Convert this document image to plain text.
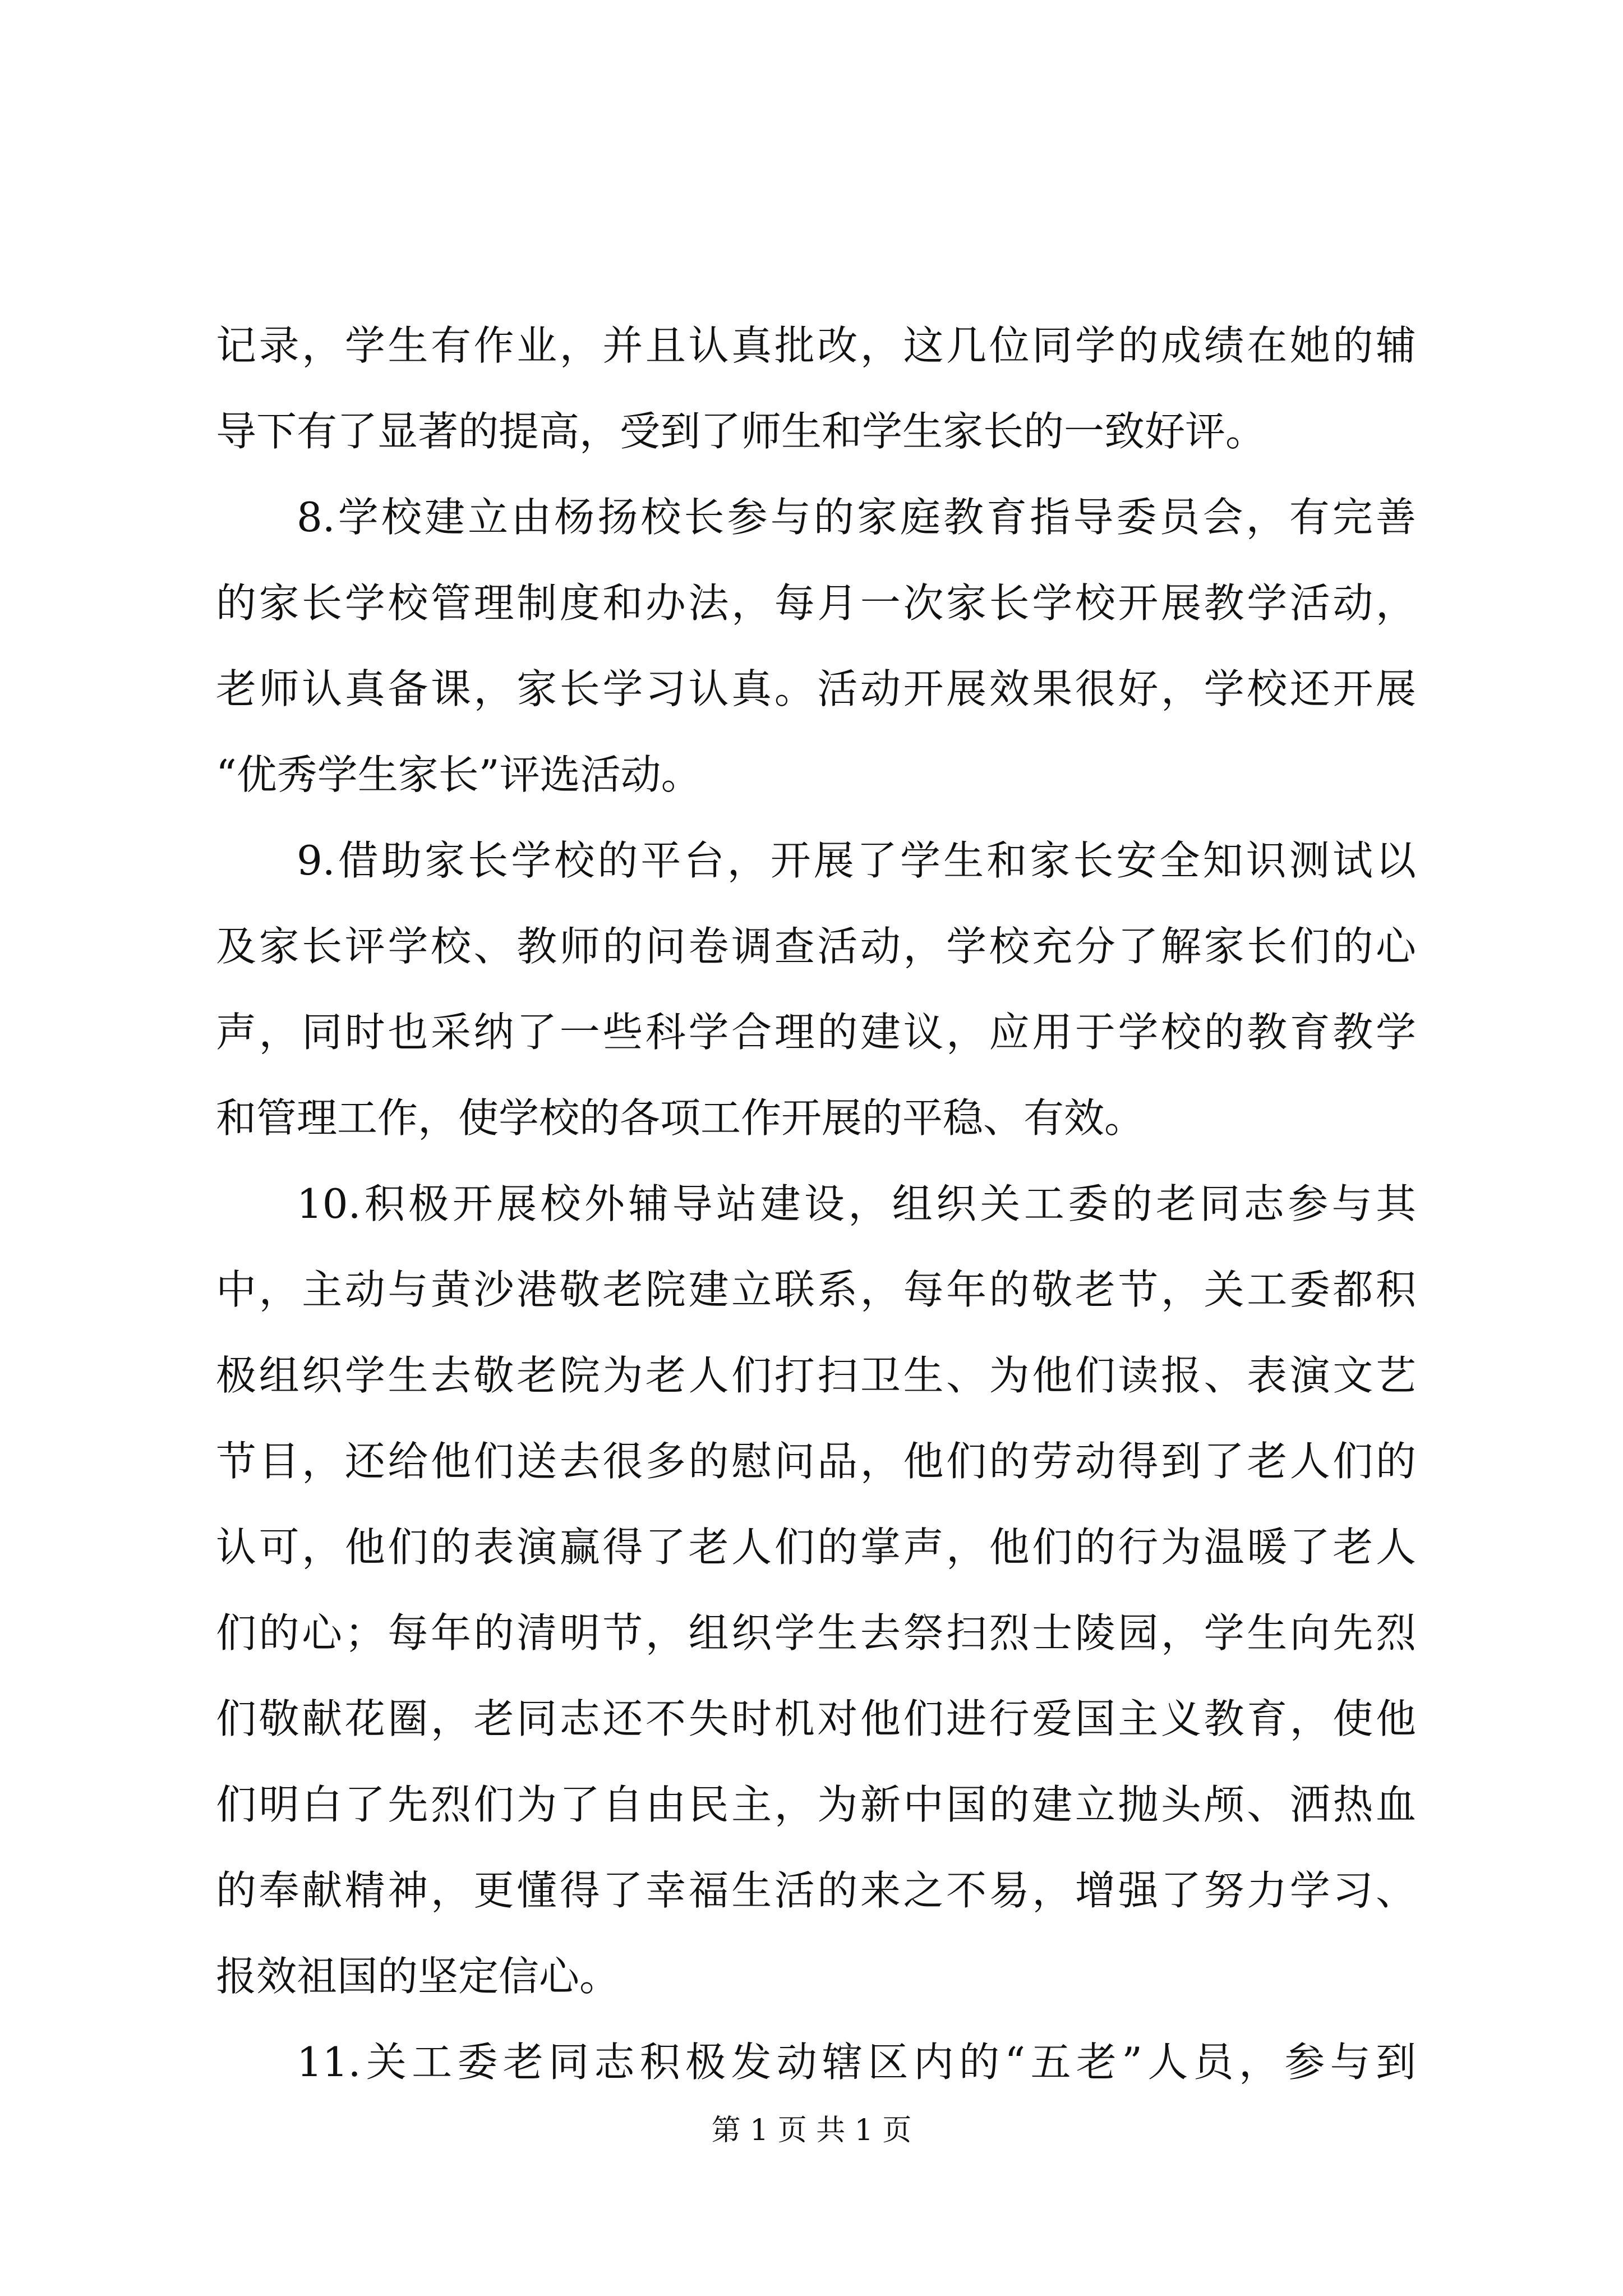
记录，学生有作业，并且认真批改，这几位同学的成绩在她的辅
导下有了显著的提高，受到了师生和学生家长的一致好评。

8.学校建立由杨扬校长参与的家庭教育指导委员会，有完善
的家长学校管理制度和办法，每月一次家长学校开展教学活动，
老师认真备课，家长学习认真。活动开展效果很好，学校还开展
“优秀学生家长”评选活动。

9.借助家长学校的平台，开展了学生和家长安全知识测试以
及家长评学校、教师的问卷调查活动，学校充分了解家长们的心
声，同时也采纳了一些科学合理的建议，应用于学校的教育教学
和管理工作，使学校的各项工作开展的平稳、有效。

10.积极开展校外辅导站建设，组织关工委的老同志参与其
中，主动与黄沙港敬老院建立联系，每年的敬老节，关工委都积
极组织学生去敬老院为老人们打扫卫生、为他们读报、表演文艺
节目，还给他们送去很多的慰问品，他们的劳动得到了老人们的
认可，他们的表演赢得了老人们的掌声，他们的行为温暖了老人
们的心；每年的清明节，组织学生去祭扫烈士陵园，学生向先烈
们敬献花圈，老同志还不失时机对他们进行爱国主义教育，使他
们明白了先烈们为了自由民主，为新中国的建立抛头颅、洒热血
的奉献精神，更懂得了幸福生活的来之不易，增强了努力学习、
报效祖国的坚定信心。

11.关工委老同志积极发动辖区内的“五老”人员，参与到

第 1 页 共 1 页
